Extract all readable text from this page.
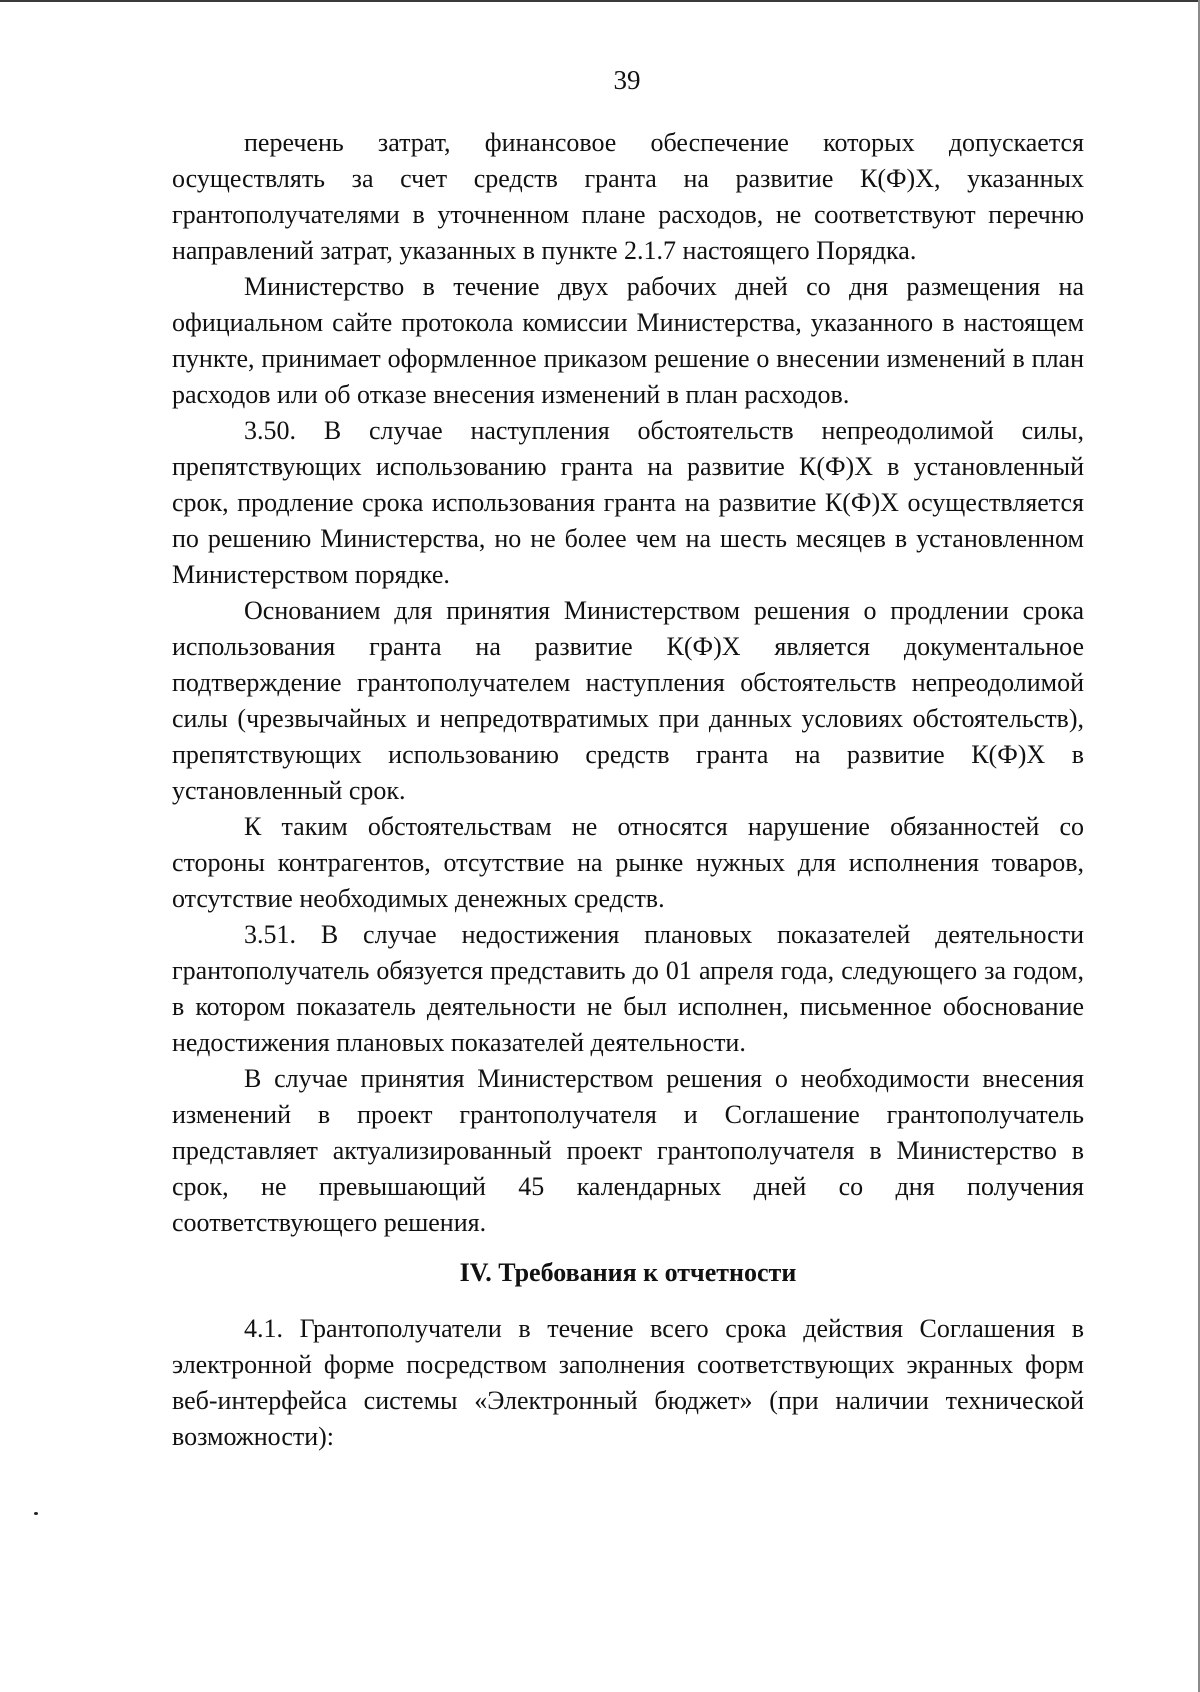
39

перечень затрат, финансовое обеспечение которых допускается осуществлять за счет средств гранта на развитие К(Ф)Х, указанных грантополучателями в уточненном плане расходов, не соответствуют перечню направлений затрат, указанных в пункте 2.1.7 настоящего Порядка.

Министерство в течение двух рабочих дней со дня размещения на официальном сайте протокола комиссии Министерства, указанного в настоящем пункте, принимает оформленное приказом решение о внесении изменений в план расходов или об отказе внесения изменений в план расходов.

3.50. В случае наступления обстоятельств непреодолимой силы, препятствующих использованию гранта на развитие К(Ф)Х в установленный срок, продление срока использования гранта на развитие К(Ф)Х осуществляется по решению Министерства, но не более чем на шесть месяцев в установленном Министерством порядке.

Основанием для принятия Министерством решения о продлении срока использования гранта на развитие К(Ф)Х является документальное подтверждение грантополучателем наступления обстоятельств непреодолимой силы (чрезвычайных и непредотвратимых при данных условиях обстоятельств), препятствующих использованию средств гранта на развитие К(Ф)Х в установленный срок.

К таким обстоятельствам не относятся нарушение обязанностей со стороны контрагентов, отсутствие на рынке нужных для исполнения товаров, отсутствие необходимых денежных средств.

3.51. В случае недостижения плановых показателей деятельности грантополучатель обязуется представить до 01 апреля года, следующего за годом, в котором показатель деятельности не был исполнен, письменное обоснование недостижения плановых показателей деятельности.

В случае принятия Министерством решения о необходимости внесения изменений в проект грантополучателя и Соглашение грантополучатель представляет актуализированный проект грантополучателя в Министерство в срок, не превышающий 45 календарных дней со дня получения соответствующего решения.

IV. Требования к отчетности

4.1. Грантополучатели в течение всего срока действия Соглашения в электронной форме посредством заполнения соответствующих экранных форм веб-интерфейса системы «Электронный бюджет» (при наличии технической возможности):
